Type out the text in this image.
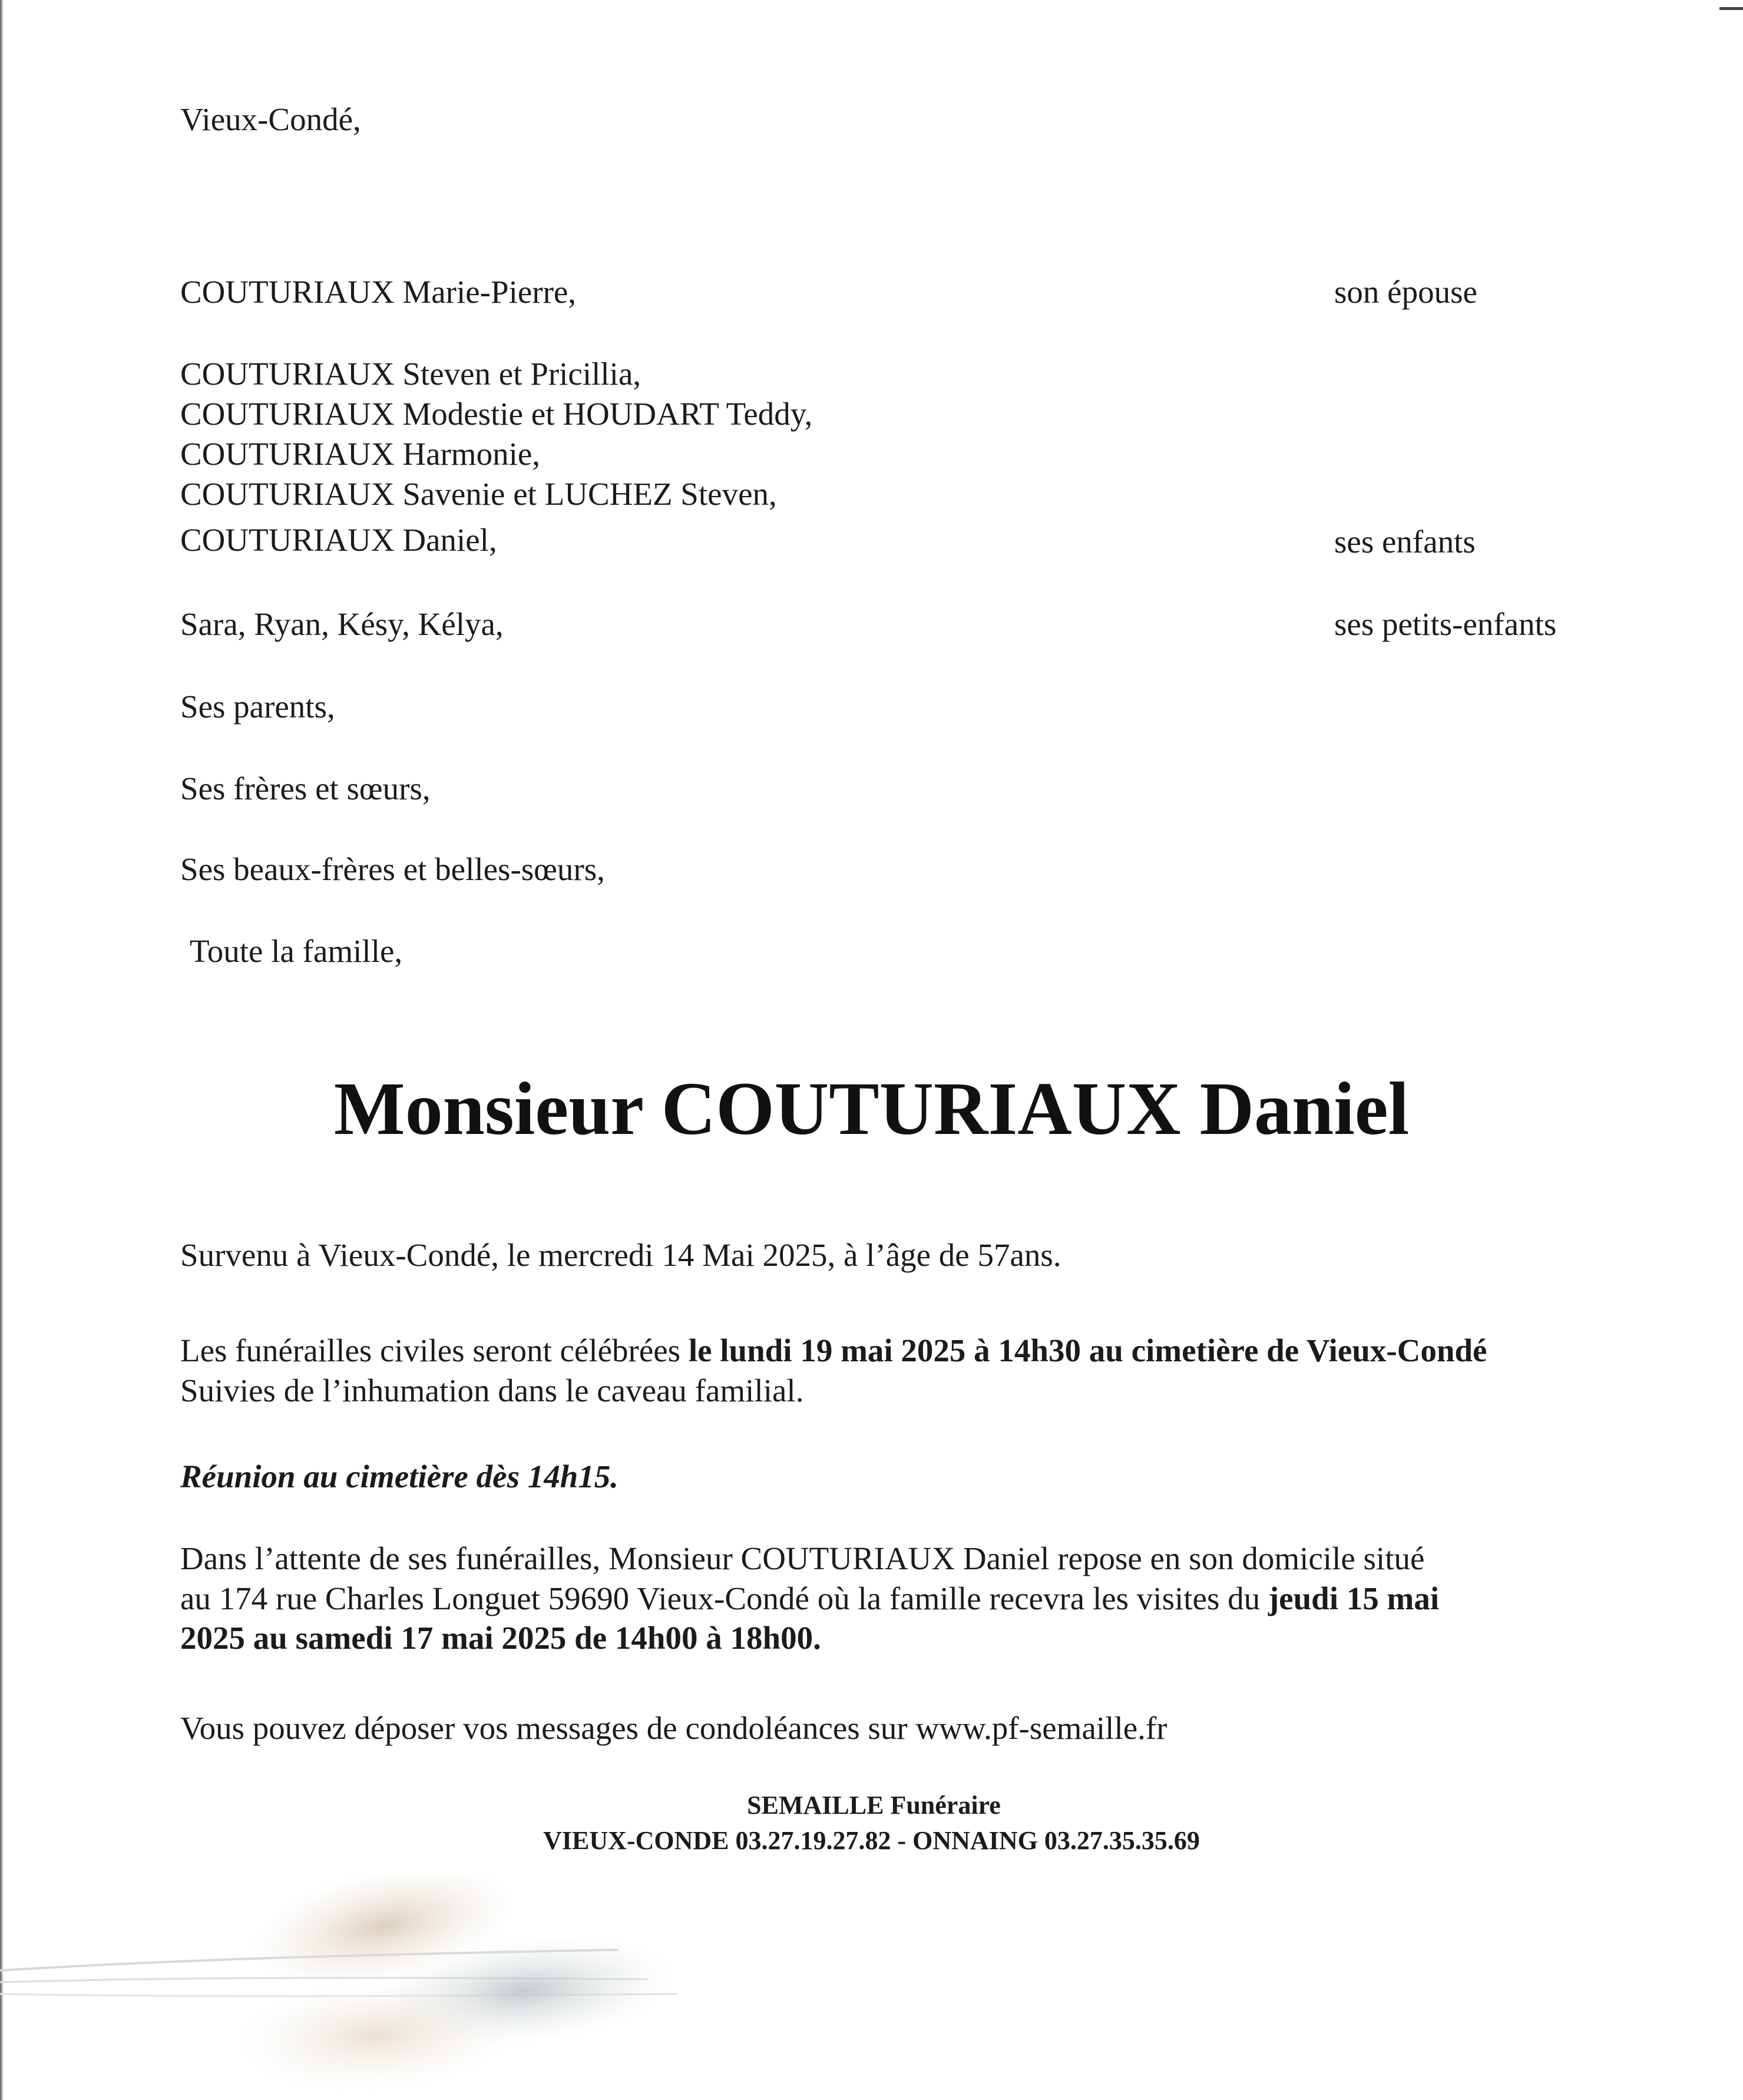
Vieux-Condé,
COUTURIAUX Marie-Pierre,	son épouse
COUTURIAUX Steven et Pricillia,
COUTURIAUX Modestie et HOUDART Teddy,
COUTURIAUX Harmonie,
COUTURIAUX Savenie et LUCHEZ Steven,
COUTURIAUX Daniel,	ses enfants
Sara, Ryan, Késy, Kélya,	ses petits-enfants
Ses parents,
Ses frères et sœurs,
Ses beaux-frères et belles-sœurs,
Toute la famille,
Monsieur COUTURIAUX Daniel
Survenu à Vieux-Condé, le mercredi 14 Mai 2025, à l’âge de 57ans.
Les funérailles civiles seront célébrées le lundi 19 mai 2025 à 14h30 au cimetière de Vieux-Condé
Suivies de l’inhumation dans le caveau familial.
Réunion au cimetière dès 14h15.
Dans l’attente de ses funérailles, Monsieur COUTURIAUX Daniel repose en son domicile situé
au 174 rue Charles Longuet 59690 Vieux-Condé où la famille recevra les visites du jeudi 15 mai
2025 au samedi 17 mai 2025 de 14h00 à 18h00.
Vous pouvez déposer vos messages de condoléances sur www.pf-semaille.fr
SEMAILLE Funéraire
VIEUX-CONDE 03.27.19.27.82 - ONNAING 03.27.35.35.69
